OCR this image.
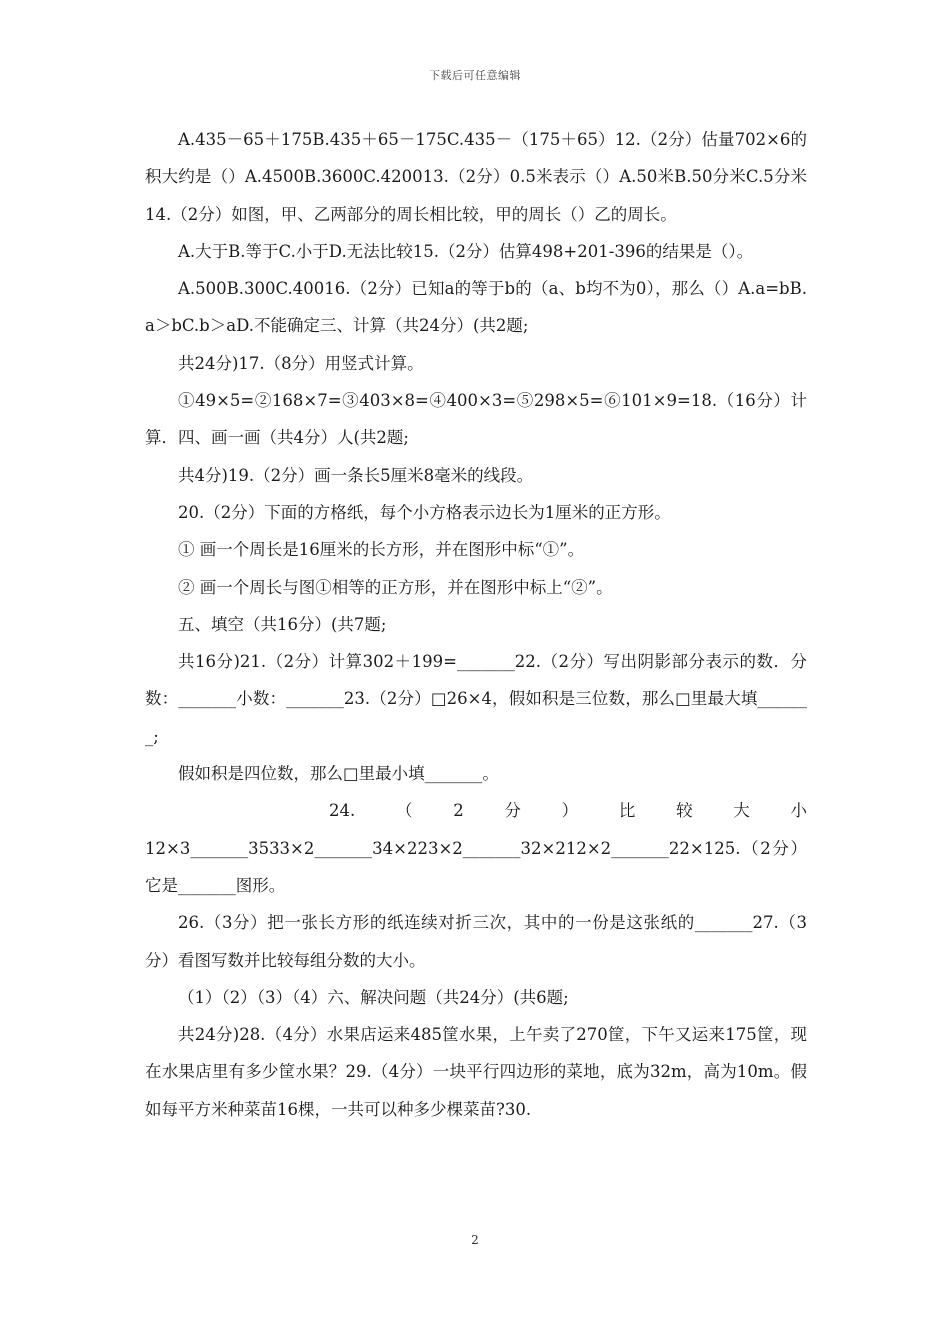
下载后可任意编辑

A.435－65＋175B.435＋65－175C.435－（175＋65）12.（2分）估量702×6的积大约是（）A.4500B.3600C.420013.（2分）0.5米表示（）A.50米B.50分米C.5分米14.（2分）如图，甲、乙两部分的周长相比较，甲的周长（）乙的周长。

A.大于B.等于C.小于D.无法比较15.（2分）估算498+201-396的结果是（）。

A.500B.300C.40016.（2分）已知a的等于b的（a、b均不为0），那么（）A.a=bB.a＞bC.b＞aD.不能确定三、计算（共24分）(共2题;

共24分)17.（8分）用竖式计算。

①49×5=②168×7=③403×8=④400×3=⑤298×5=⑥101×9=18.（16分）计算．四、画一画（共4分）人(共2题;

共4分)19.（2分）画一条长5厘米8毫米的线段。

20.（2分）下面的方格纸，每个小方格表示边长为1厘米的正方形。

① 画一个周长是16厘米的长方形，并在图形中标“①”。

② 画一个周长与图①相等的正方形，并在图形中标上“②”。

五、填空（共16分）(共7题;

共16分)21.（2分）计算302＋199=_______22.（2分）写出阴影部分表示的数．分数：_______小数：_______23.（2分）□26×4，假如积是三位数，那么□里最大填_______;

假如积是四位数，那么□里最小填_______。

24. （ 2 分 ） 比 较 大 小

12×3_______3533×2_______34×223×2_______32×212×2_______22×125.（2分）它是_______图形。

26.（3分）把一张长方形的纸连续对折三次，其中的一份是这张纸的_______27.（3分）看图写数并比较每组分数的大小。

（1）（2）（3）（4）六、解决问题（共24分）(共6题;

共24分)28.（4分）水果店运来485筐水果，上午卖了270筐，下午又运来175筐，现在水果店里有多少筐水果？29.（4分）一块平行四边形的菜地，底为32m，高为10m。假如每平方米种菜苗16棵，一共可以种多少棵菜苗?30.

2
